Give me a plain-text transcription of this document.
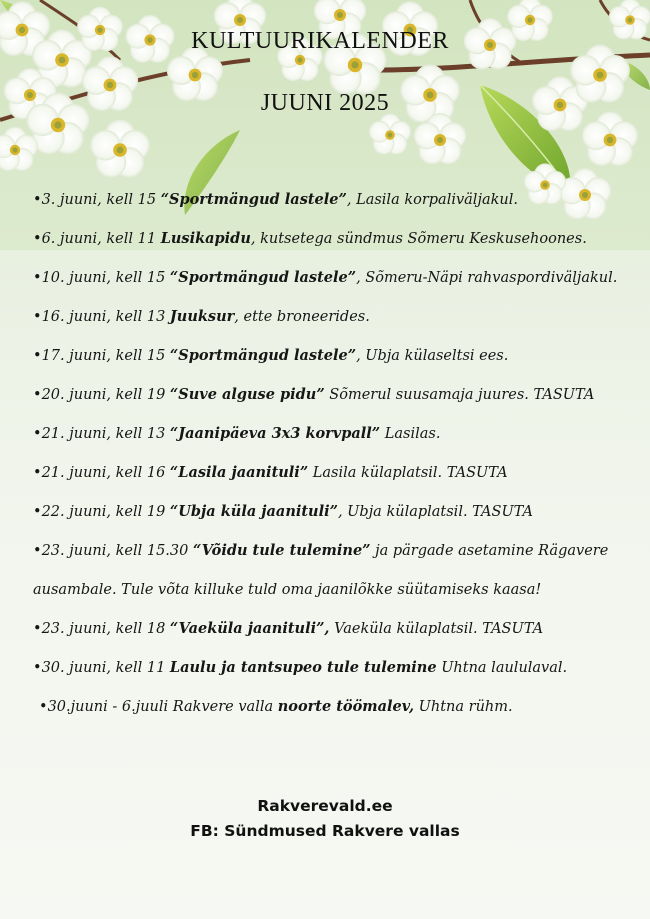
KULTUURIKALENDER
JUUNI 2025
•3. juuni, kell 15 “Sportmängud lastele”, Lasila korpaliväljakul.
•6. juuni, kell 11 Lusikapidu, kutsetega sündmus Sõmeru Keskusehoones.
•10. juuni, kell 15 “Sportmängud lastele”, Sõmeru-Näpi rahvaspordiväljakul.
•16. juuni, kell 13 Juuksur, ette broneerides.
•17. juuni, kell 15 “Sportmängud lastele”, Ubja külaseltsi ees.
•20. juuni, kell 19 “Suve alguse pidu” Sõmerul suusamaja juures. TASUTA
•21. juuni, kell 13 “Jaanipäeva 3x3 korvpall” Lasilas.
•21. juuni, kell 16 “Lasila jaanituli” Lasila külaplatsil. TASUTA
•22. juuni, kell 19 “Ubja küla jaanituli”, Ubja külaplatsil. TASUTA
•23. juuni, kell 15.30 “Võidu tule tulemine” ja pärgade asetamine Rägavere
ausambale. Tule võta killuke tuld oma jaanilõkke süütamiseks kaasa!
•23. juuni, kell 18 “Vaeküla jaanituli”, Vaeküla külaplatsil. TASUTA
•30. juuni, kell 11 Laulu ja tantsupeo tule tulemine Uhtna laululaval.
•30.juuni - 6.juuli Rakvere valla noorte töömalev, Uhtna rühm.
Rakverevald.ee
FB: Sündmused Rakvere vallas
